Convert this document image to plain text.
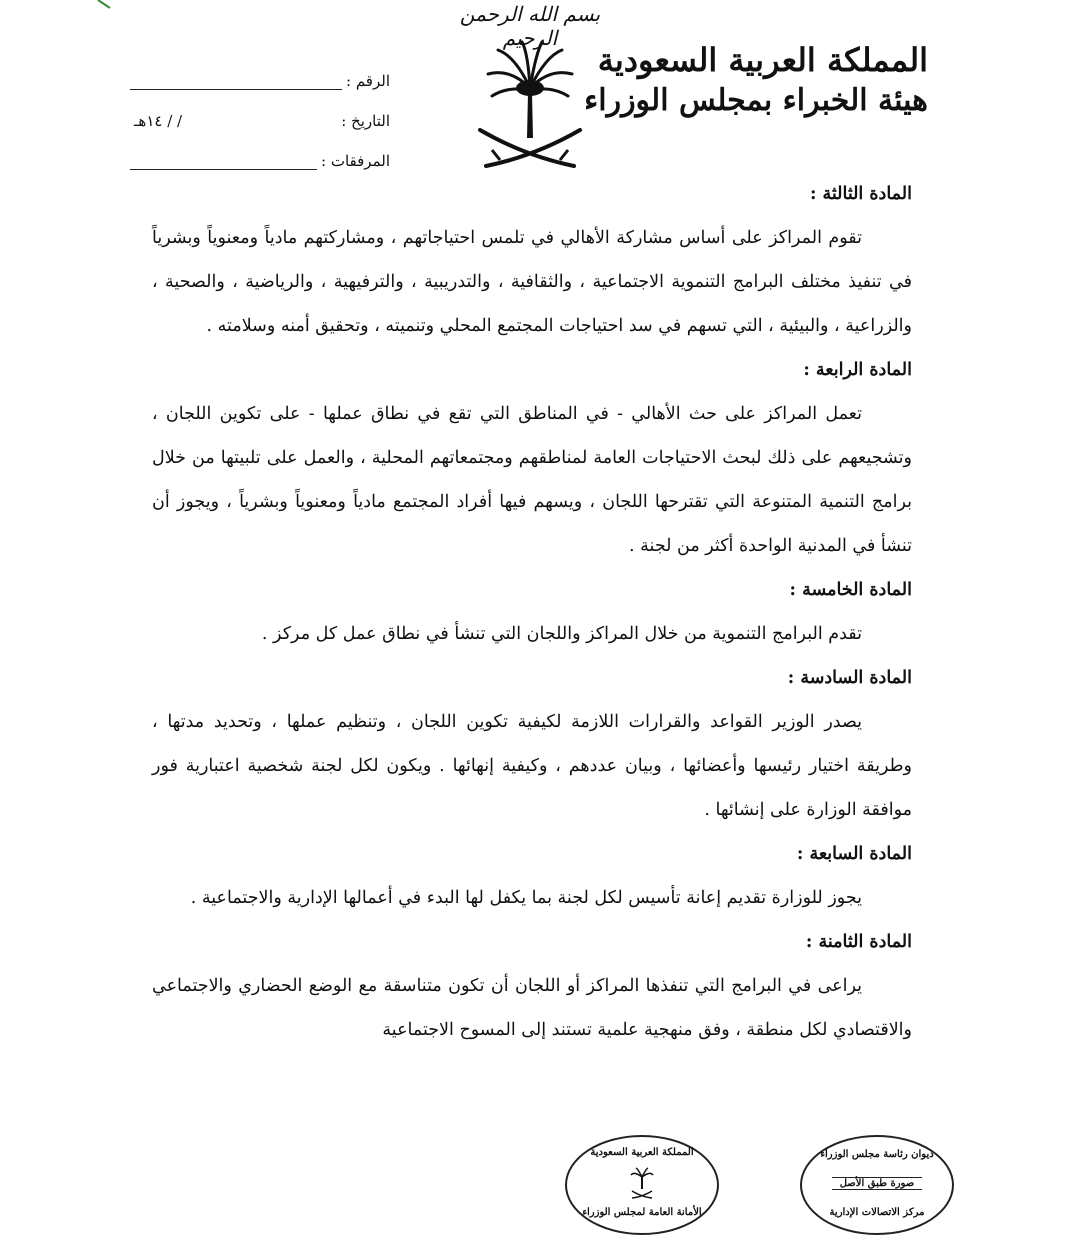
بسم الله الرحمن الرحيم
المملكة العربية السعودية
هيئة الخبراء بمجلس الوزراء
الرقم :
التاريخ :
/ / ١٤هـ
المرفقات :
المادة الثالثة :
تقوم المراكز على أساس مشاركة الأهالي في تلمس احتياجاتهم ، ومشاركتهم مادياً ومعنوياً وبشرياً في تنفيذ مختلف البرامج التنموية الاجتماعية ، والثقافية ، والتدريبية ، والترفيهية ، والرياضية ، والصحية ، والزراعية ، والبيئية ، التي تسهم في سد احتياجات المجتمع المحلي وتنميته ، وتحقيق أمنه وسلامته .
المادة الرابعة :
تعمل المراكز على حث الأهالي - في المناطق التي تقع في نطاق عملها - على تكوين اللجان ، وتشجيعهم على ذلك لبحث الاحتياجات العامة لمناطقهم ومجتمعاتهم المحلية ، والعمل على تلبيتها من خلال برامج التنمية المتنوعة التي تقترحها اللجان ، ويسهم فيها أفراد المجتمع مادياً ومعنوياً وبشرياً ، ويجوز أن تنشأ في المدنية الواحدة أكثر من لجنة .
المادة الخامسة :
تقدم البرامج التنموية من خلال المراكز واللجان التي تنشأ في نطاق عمل كل مركز .
المادة السادسة :
يصدر الوزير القواعد والقرارات اللازمة لكيفية تكوين اللجان ، وتنظيم عملها ، وتحديد مدتها ، وطريقة اختيار رئيسها وأعضائها ، وبيان عددهم ، وكيفية إنهائها . ويكون لكل لجنة شخصية اعتبارية فور موافقة الوزارة على إنشائها .
المادة السابعة :
يجوز للوزارة تقديم إعانة تأسيس لكل لجنة بما يكفل لها البدء في أعمالها الإدارية والاجتماعية .
المادة الثامنة :
يراعى في البرامج التي تنفذها المراكز أو اللجان أن تكون متناسقة مع الوضع الحضاري والاجتماعي والاقتصادي لكل منطقة ، وفق منهجية علمية تستند إلى المسوح الاجتماعية
المملكة العربية السعودية
الأمانة العامة لمجلس الوزراء
ديوان رئاسة مجلس الوزراء
صورة طبق الأصل
مركز الاتصالات الإدارية
